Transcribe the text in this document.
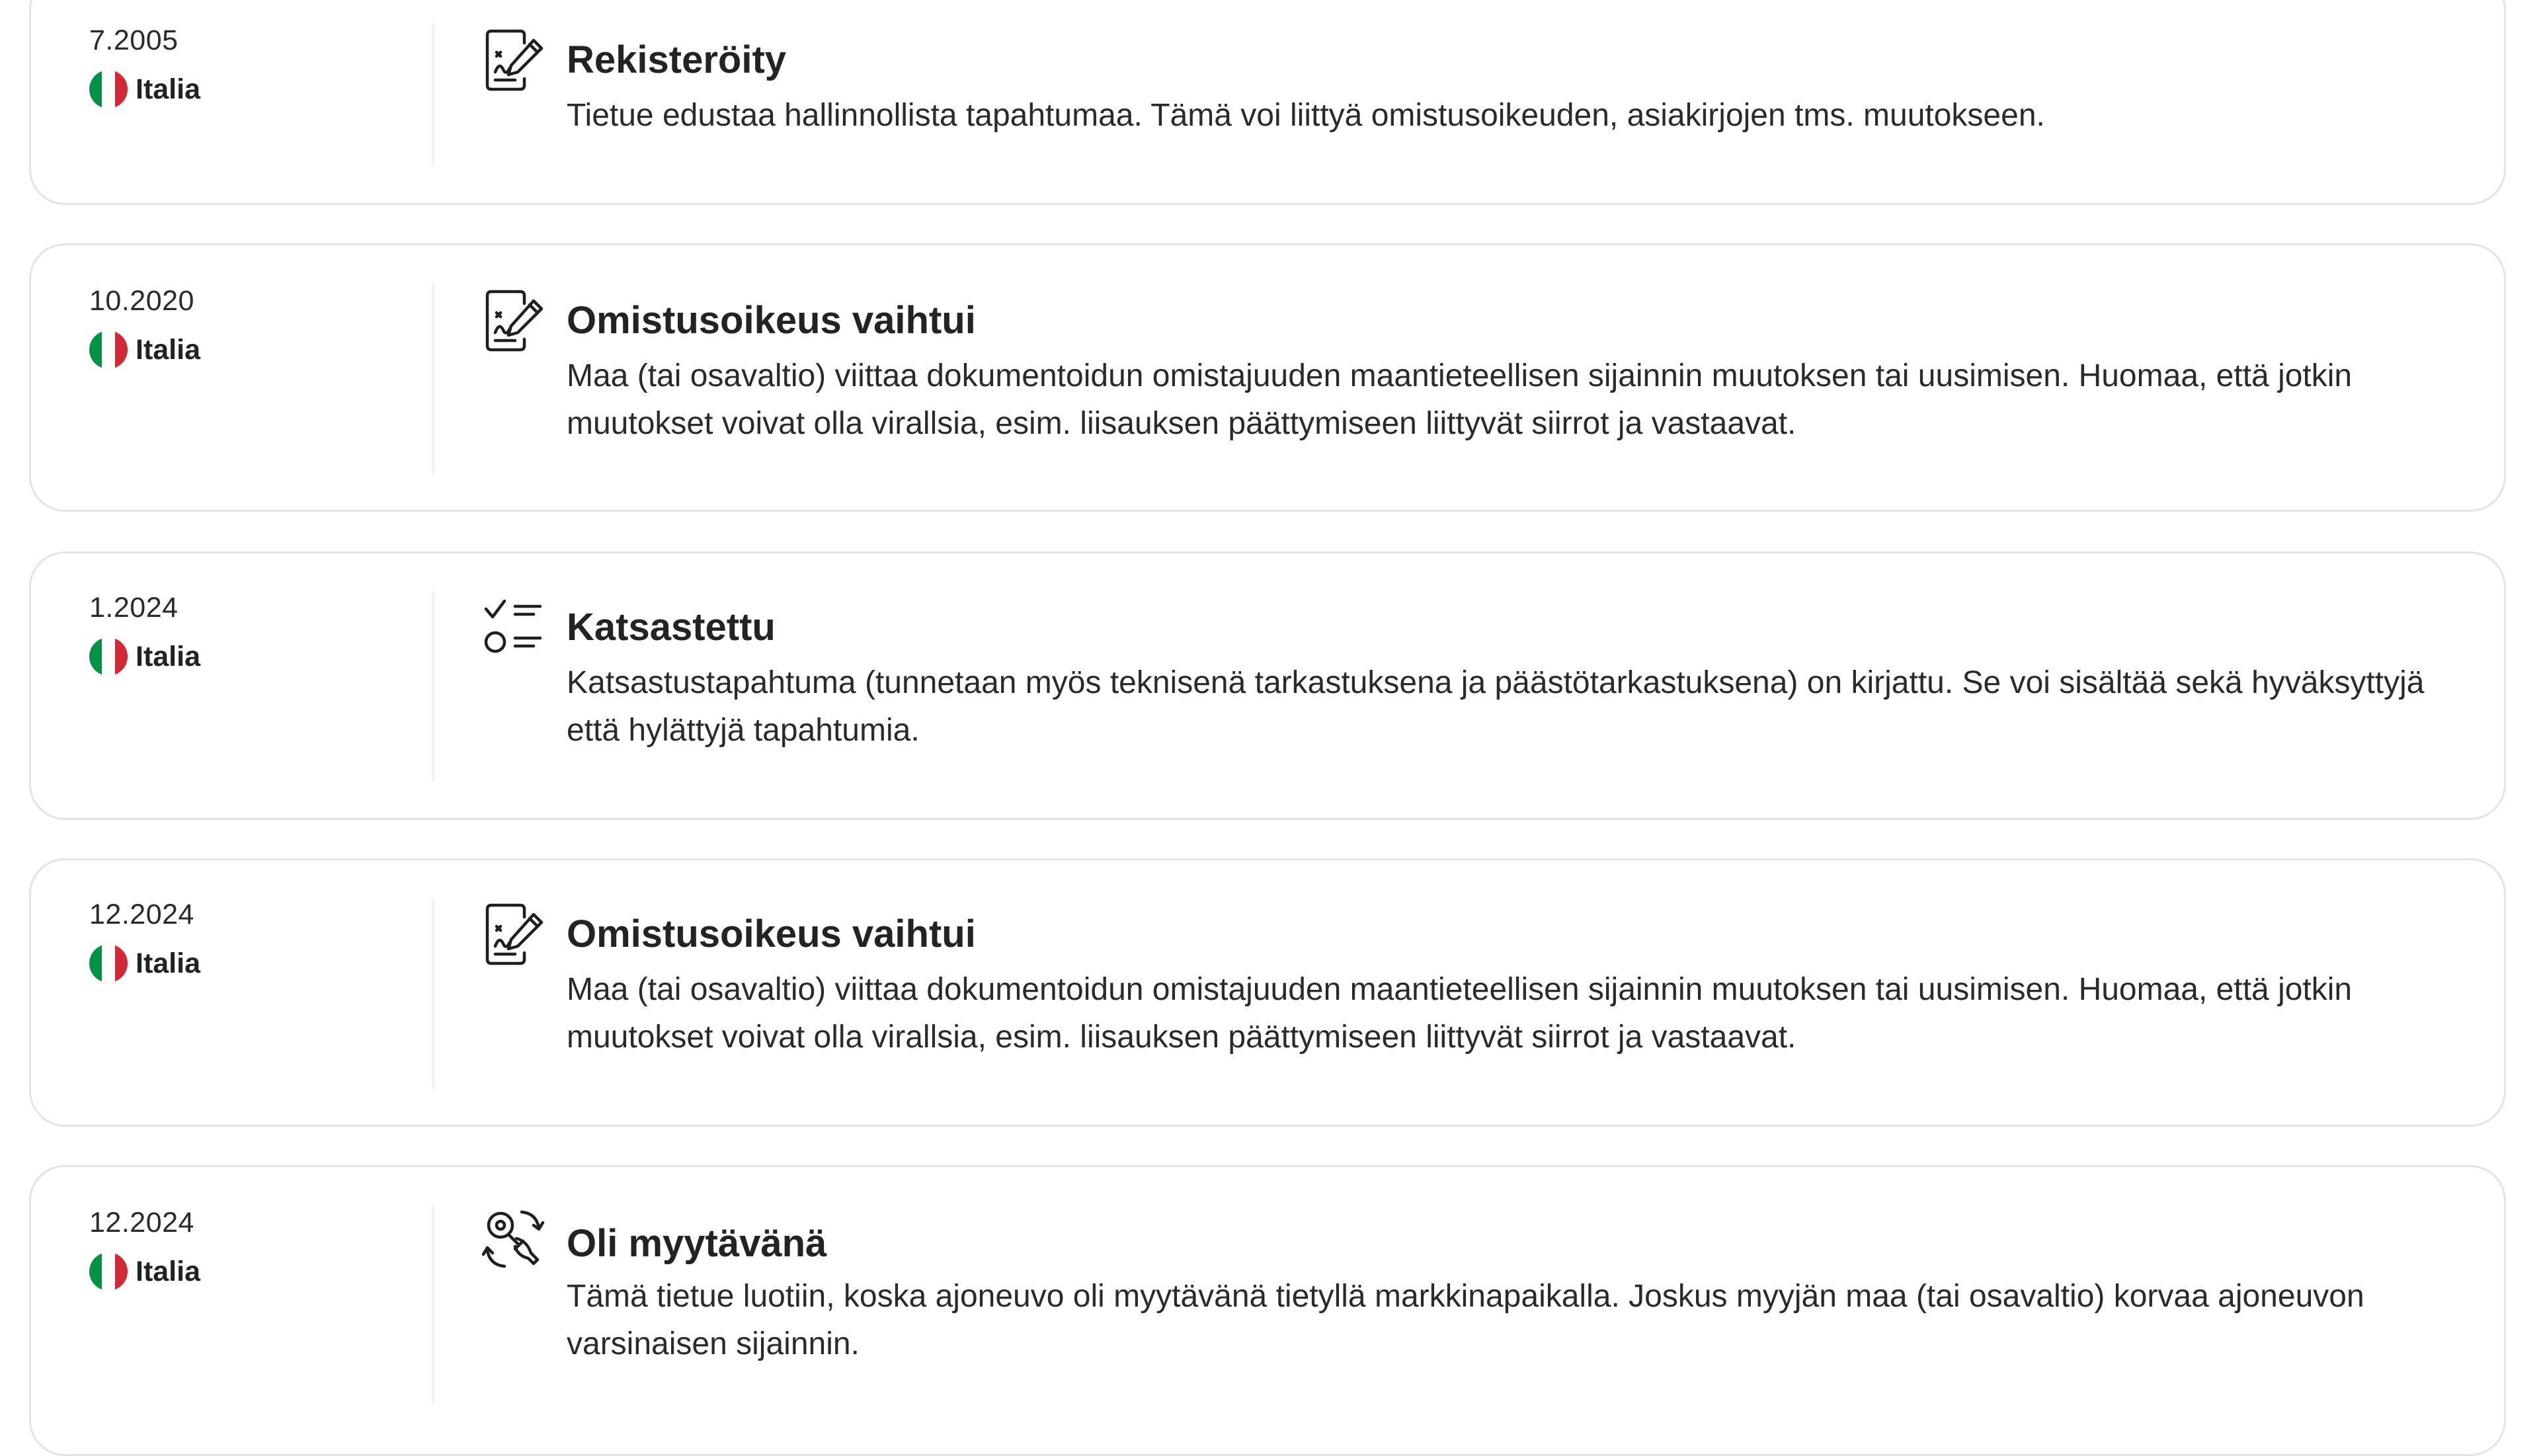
7.2005
Italia
Rekisteröity

Tietue edustaa hallinnollista tapahtumaa. Tämä voi liittyä omistusoikeuden, asiakirjojen tms. muutokseen.

10.2020
Italia
Omistusoikeus vaihtui

Maa (tai osavaltio) viittaa dokumentoidun omistajuuden maantieteellisen sijainnin muutoksen tai uusimisen. Huomaa, että jotkin muutokset voivat olla virallsia, esim. liisauksen päättymiseen liittyvät siirrot ja vastaavat.

1.2024
Italia
Katsastettu

Katsastustapahtuma (tunnetaan myös teknisenä tarkastuksena ja päästötarkastuksena) on kirjattu. Se voi sisältää sekä hyväksyttyjä että hylättyjä tapahtumia.

12.2024
Italia
Omistusoikeus vaihtui

Maa (tai osavaltio) viittaa dokumentoidun omistajuuden maantieteellisen sijainnin muutoksen tai uusimisen. Huomaa, että jotkin muutokset voivat olla virallsia, esim. liisauksen päättymiseen liittyvät siirrot ja vastaavat.

12.2024
Italia
Oli myytävänä

Tämä tietue luotiin, koska ajoneuvo oli myytävänä tietyllä markkinapaikalla. Joskus myyjän maa (tai osavaltio) korvaa ajoneuvon varsinaisen sijainnin.
